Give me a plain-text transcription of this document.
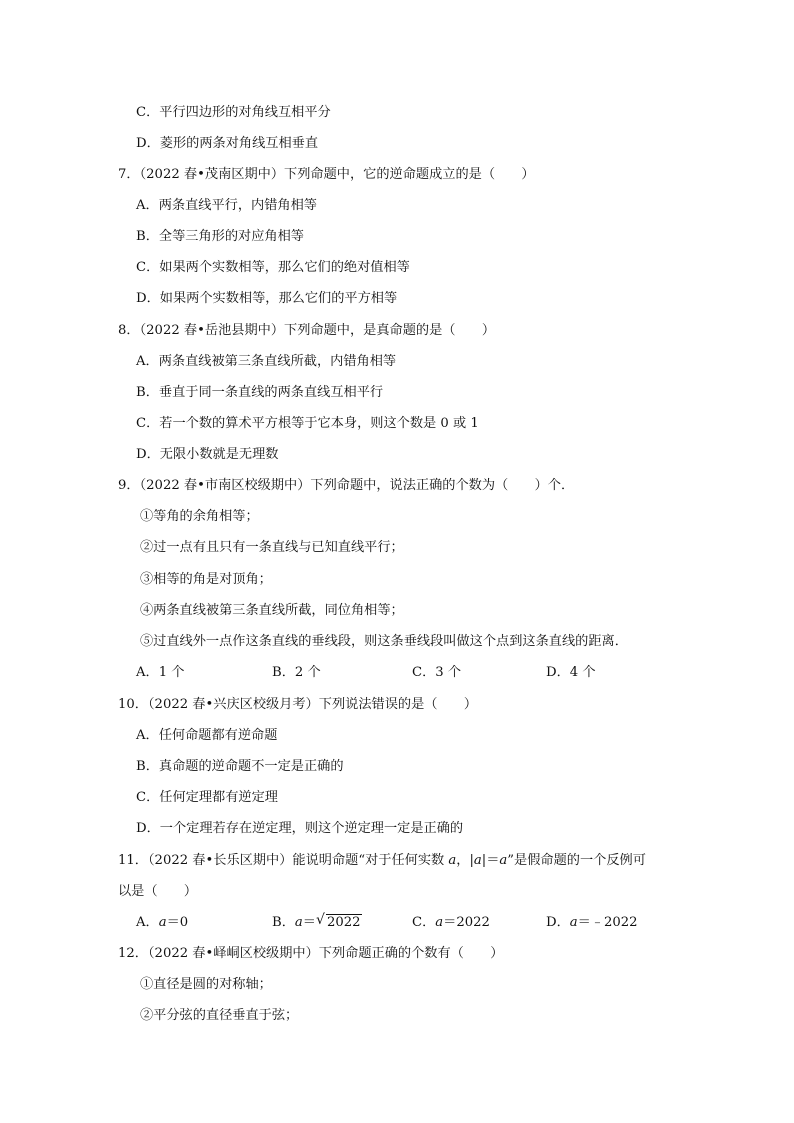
C．平行四边形的对角线互相平分
D．菱形的两条对角线互相垂直
7．（2022 春•茂南区期中）下列命题中，它的逆命题成立的是（　　）
A．两条直线平行，内错角相等
B．全等三角形的对应角相等
C．如果两个实数相等，那么它们的绝对值相等
D．如果两个实数相等，那么它们的平方相等
8．（2022 春•岳池县期中）下列命题中，是真命题的是（　　）
A．两条直线被第三条直线所截，内错角相等
B．垂直于同一条直线的两条直线互相平行
C．若一个数的算术平方根等于它本身，则这个数是 0 或 1
D．无限小数就是无理数
9．（2022 春•市南区校级期中）下列命题中，说法正确的个数为（　　）个．
①等角的余角相等；
②过一点有且只有一条直线与已知直线平行；
③相等的角是对顶角；
④两条直线被第三条直线所截，同位角相等；
⑤过直线外一点作这条直线的垂线段，则这条垂线段叫做这个点到这条直线的距离．
A．1 个	B．2 个	C．3 个	D．4 个
10．（2022 春•兴庆区校级月考）下列说法错误的是（　　）
A．任何命题都有逆命题
B．真命题的逆命题不一定是正确的
C．任何定理都有逆定理
D．一个定理若存在逆定理，则这个逆定理一定是正确的
11．（2022 春•长乐区期中）能说明命题“对于任何实数 a，|a|＝a”是假命题的一个反例可
以是（　　）
A．a＝0	B．a＝ √ 2022	C．a＝2022	D．a＝﹣2022
12．（2022 春•峄峒区校级期中）下列命题正确的个数有（　　）
①直径是圆的对称轴；
②平分弦的直径垂直于弦；
